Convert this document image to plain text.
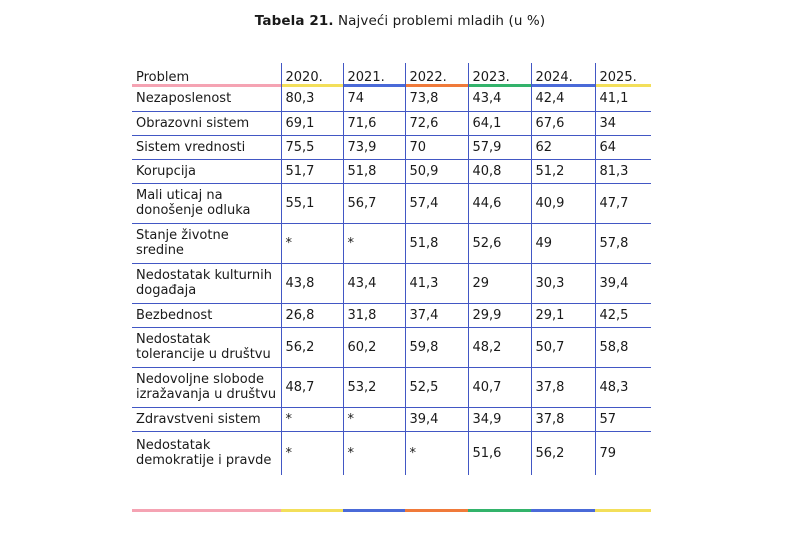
Tabela 21. Najveći problemi mladih (u %)
Problem	2020.	2021.	2022.	2023.	2024.	2025.
Nezaposlenost	80,3	74	73,8	43,4	42,4	41,1
Obrazovni sistem	69,1	71,6	72,6	64,1	67,6	34
Sistem vrednosti	75,5	73,9	70	57,9	62	64
Korupcija	51,7	51,8	50,9	40,8	51,2	81,3
Mali uticaj na donošenje odluka	55,1	56,7	57,4	44,6	40,9	47,7
Stanje životne sredine	*	*	51,8	52,6	49	57,8
Nedostatak kulturnih događaja	43,8	43,4	41,3	29	30,3	39,4
Bezbednost	26,8	31,8	37,4	29,9	29,1	42,5
Nedostatak tolerancije u društvu	56,2	60,2	59,8	48,2	50,7	58,8
Nedovoljne slobode izražavanja u društvu	48,7	53,2	52,5	40,7	37,8	48,3
Zdravstveni sistem	*	*	39,4	34,9	37,8	57
Nedostatak demokratije i pravde	*	*	*	51,6	56,2	79
